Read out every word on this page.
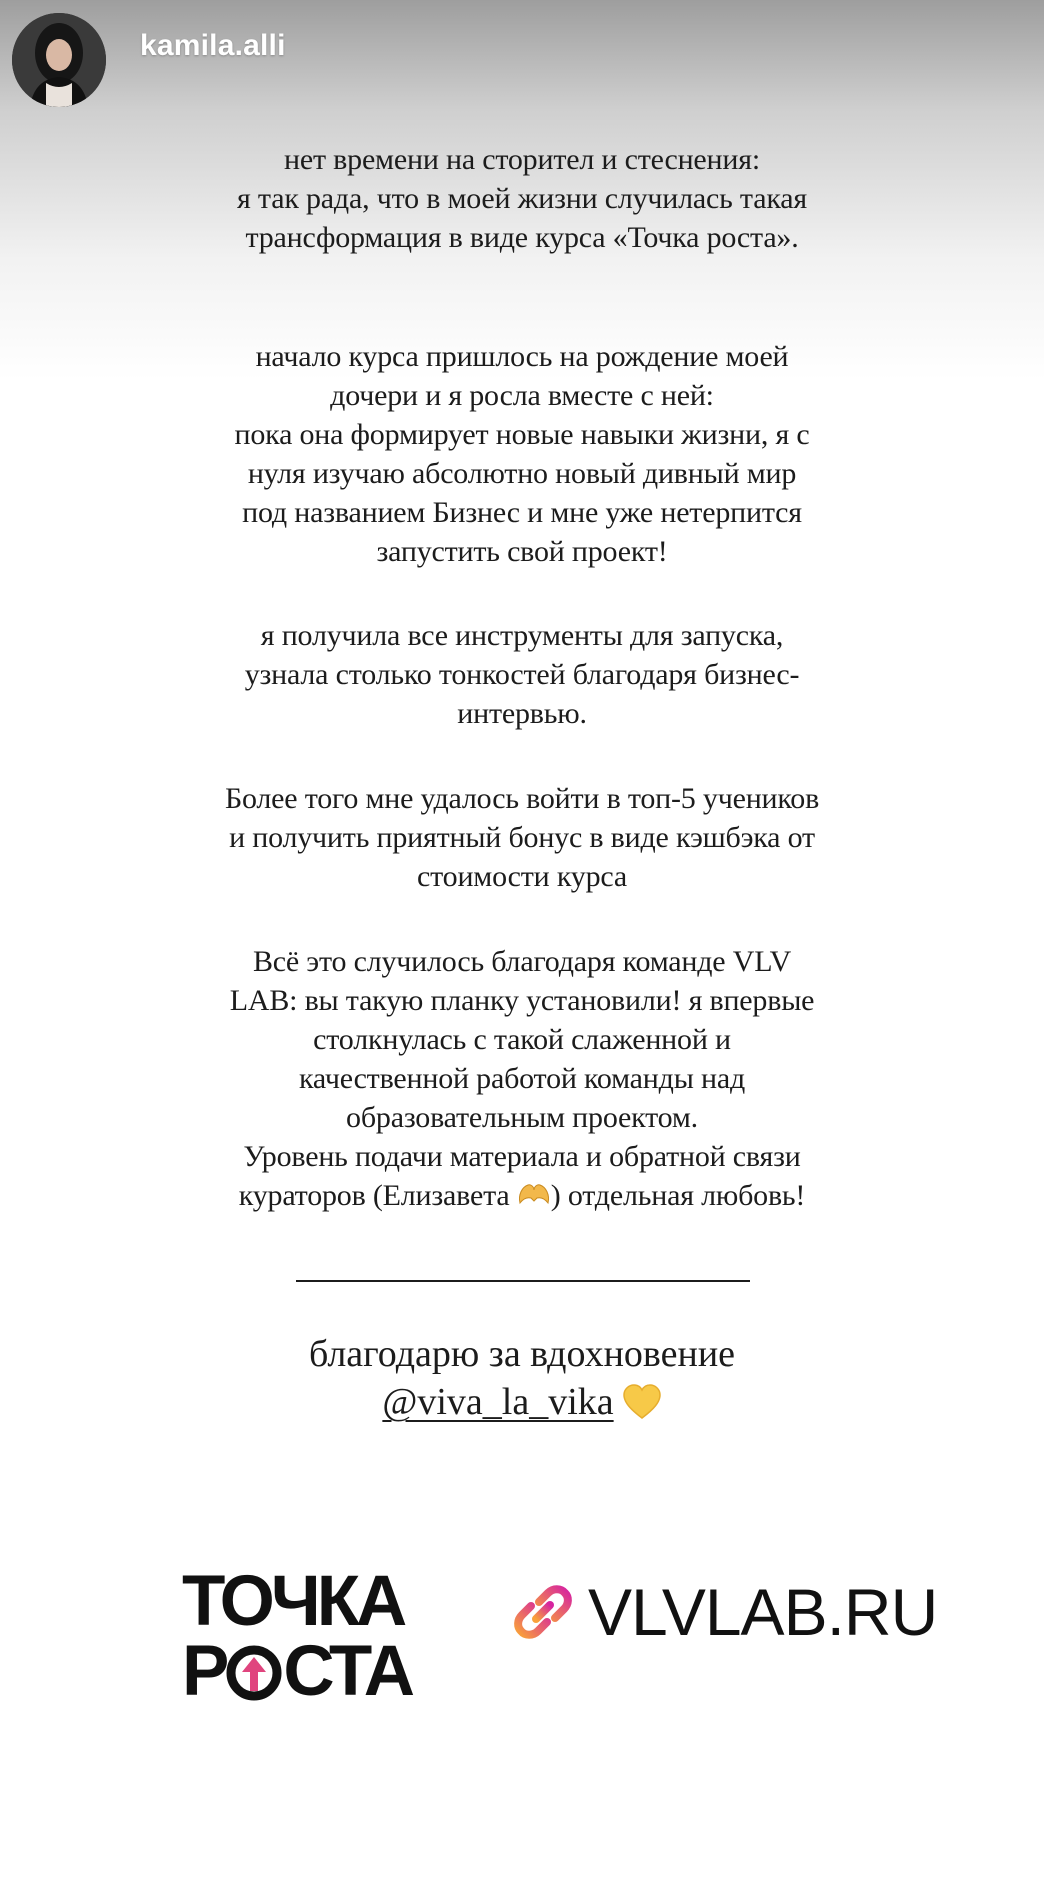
kamila.alli
нет времени на сторител и стеснения:
я так рада, что в моей жизни случилась такая
трансформация в виде курса «Точка роста».
начало курса пришлось на рождение моей
дочери и я росла вместе с ней:
пока она формирует новые навыки жизни, я с
нуля изучаю абсолютно новый дивный мир
под названием Бизнес и мне уже нетерпится
запустить свой проект!
я получила все инструменты для запуска,
узнала столько тонкостей благодаря бизнес-
интервью.
Более того мне удалось войти в топ-5 учеников
и получить приятный бонус в виде кэшбэка от
стоимости курса
Всё это случилось благодаря команде VLV
LAB: вы такую планку установили! я впервые
столкнулась с такой слаженной и
качественной работой команды над
образовательным проектом.
Уровень подачи материала и обратной связи
кураторов (Елизавета ) отдельная любовь!
благодарю за вдохновение
@viva_la_vika
ТОЧКА
Р СТА
VLVLAB.RU
